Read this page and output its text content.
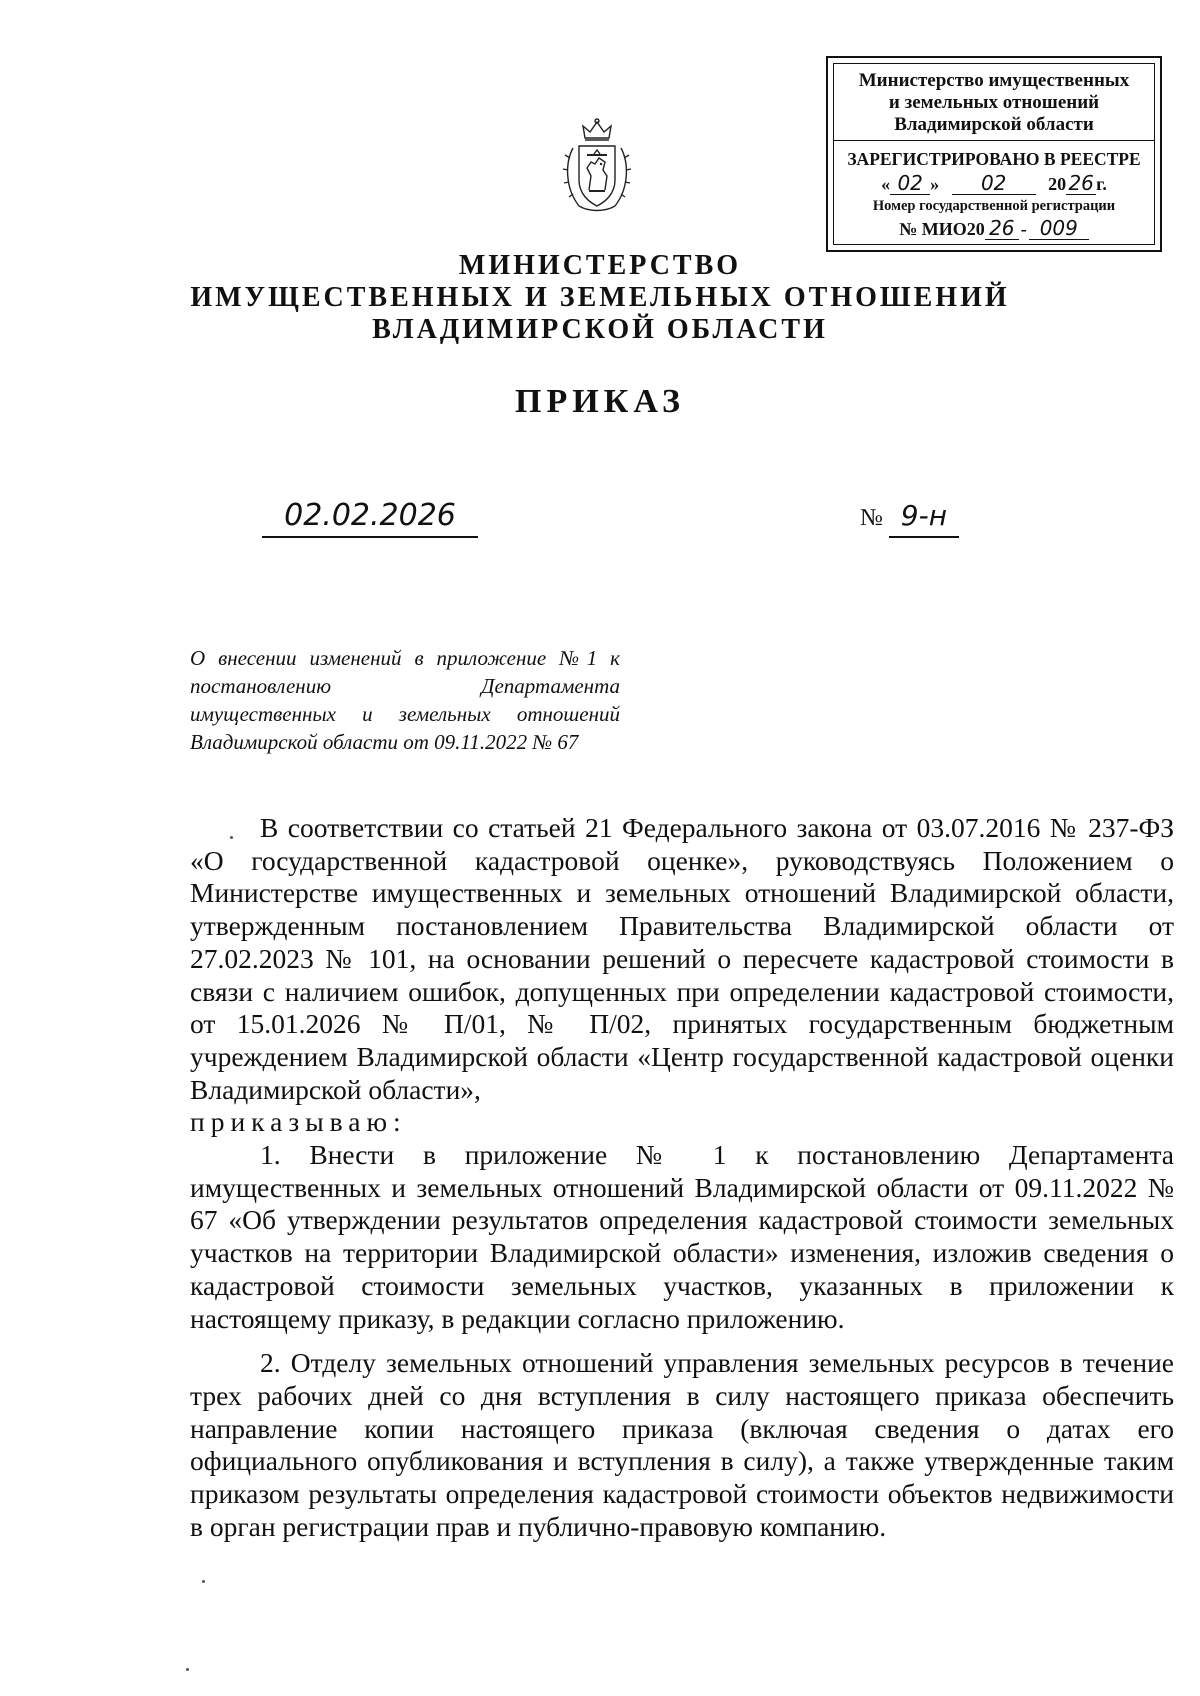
Министерство имущественных
и земельных отношений
Владимирской области
ЗАРЕГИСТРИРОВАНО В РЕЕСТРЕ
« 02 » 02 20 26 г.
Номер государственной регистрации
№ МИО20 26 - 009
МИНИСТЕРСТВО
ИМУЩЕСТВЕННЫХ И ЗЕМЕЛЬНЫХ ОТНОШЕНИЙ
ВЛАДИМИРСКОЙ ОБЛАСТИ
ПРИКАЗ
02.02.2026	№ 9-н
О внесении изменений в приложение №1 к постановлению Департамента имущественных и земельных отношений Владимирской области от 09.11.2022 № 67

В соответствии со статьей 21 Федерального закона от 03.07.2016 № 237-ФЗ «О государственной кадастровой оценке», руководствуясь Положением о Министерстве имущественных и земельных отношений Владимирской области, утвержденным постановлением Правительства Владимирской области от 27.02.2023 № 101, на основании решений о пересчете кадастровой стоимости в связи с наличием ошибок, допущенных при определении кадастровой стоимости, от 15.01.2026 № П/01, № П/02, принятых государственным бюджетным учреждением Владимирской области «Центр государственной кадастровой оценки Владимирской области»,

приказываю:

1. Внести в приложение № 1 к постановлению Департамента имущественных и земельных отношений Владимирской области от 09.11.2022 № 67 «Об утверждении результатов определения кадастровой стоимости земельных участков на территории Владимирской области» изменения, изложив сведения о кадастровой стоимости земельных участков, указанных в приложении к настоящему приказу, в редакции согласно приложению.

2. Отделу земельных отношений управления земельных ресурсов в течение трех рабочих дней со дня вступления в силу настоящего приказа обеспечить направление копии настоящего приказа (включая сведения о датах его официального опубликования и вступления в силу), а также утвержденные таким приказом результаты определения кадастровой стоимости объектов недвижимости в орган регистрации прав и публично-правовую компанию.
